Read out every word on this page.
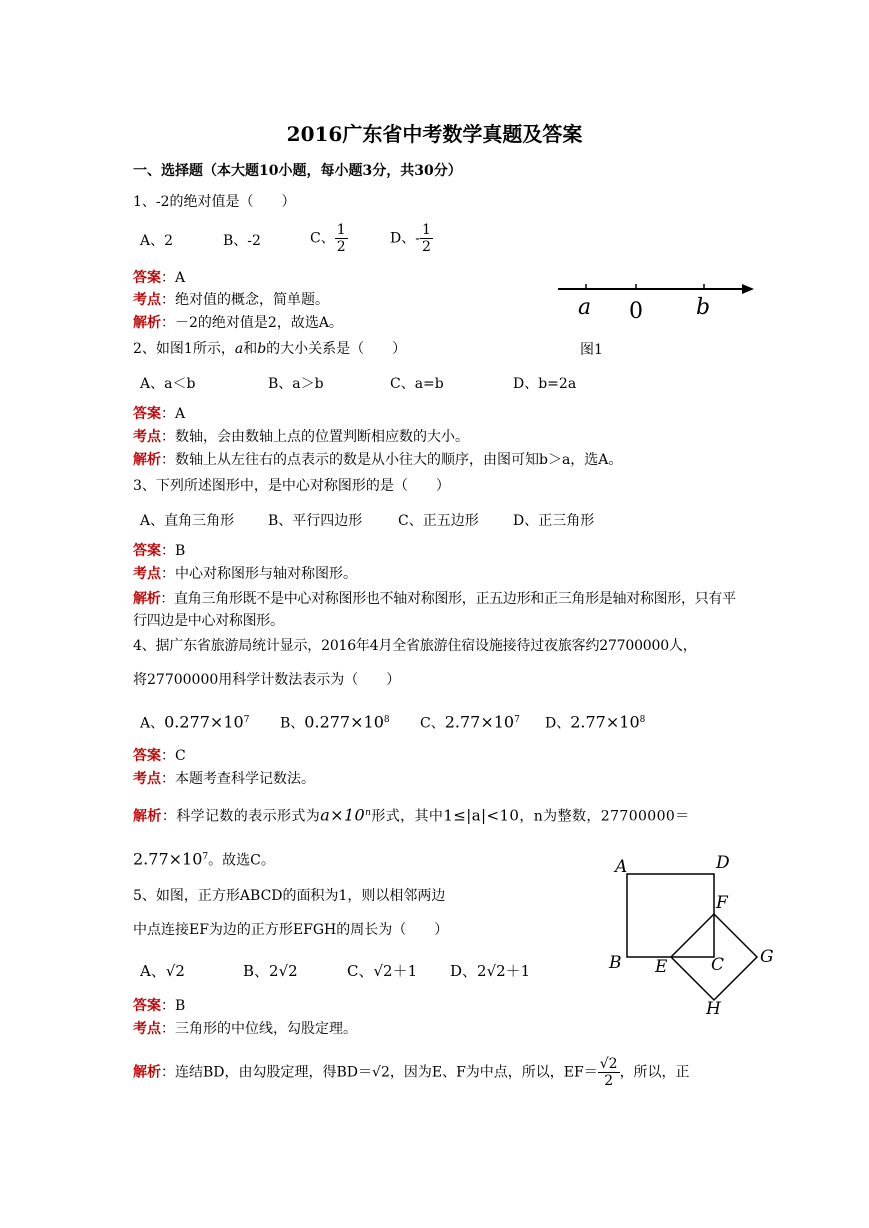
2016广东省中考数学真题及答案
一、选择题（本大题10小题，每小题3分，共30分）
1、-2的绝对值是（　　）
A、2	B、-2	C、 $\frac{1}{2}$	D、- $\frac{1}{2}$
答案：A
考点：绝对值的概念，简单题。
解析：－2的绝对值是2，故选A。
a 0 b
2、如图1所示，a和b的大小关系是（　　）	图1
A、a＜b	B、a＞b	C、a=b	D、b=2a
答案：A
考点：数轴，会由数轴上点的位置判断相应数的大小。
解析：数轴上从左往右的点表示的数是从小往大的顺序，由图可知b＞a，选A。
3、下列所述图形中，是中心对称图形的是（　　）
A、直角三角形 B、平行四边形	C、正五边形 D、正三角形
答案：B
考点：中心对称图形与轴对称图形。
解析：直角三角形既不是中心对称图形也不轴对称图形，正五边形和正三角形是轴对称图形，只有平行四边是中心对称图形。
4、据广东省旅游局统计显示，2016年4月全省旅游住宿设施接待过夜旅客约27700000人，
将27700000用科学计数法表示为（　　）
A、$0.277\times 10^7$ B、$0.277\times 10^8$ C、$2.77\times 10^7$ D、$2.77\times 10^8$
答案：C
考点：本题考查科学记数法。
解析：科学记数的表示形式为$a\times 10^n$形式，其中1≤|a|<10，n为整数，27700000＝
$2.77\times 10^7$。故选C。	A	D
F
B E	C G
H
5、如图，正方形ABCD的面积为1，则以相邻两边
中点连接EF为边的正方形EFGH的周长为（　　）
A、√2	B、2√2	C、√2＋1 D、2√2＋1
答案：B
考点：三角形的中位线，勾股定理。
解析：连结BD，由勾股定理，得BD＝√2，因为E、F为中点，所以，$EF= \frac{√2}{2}$ ，所以，正
